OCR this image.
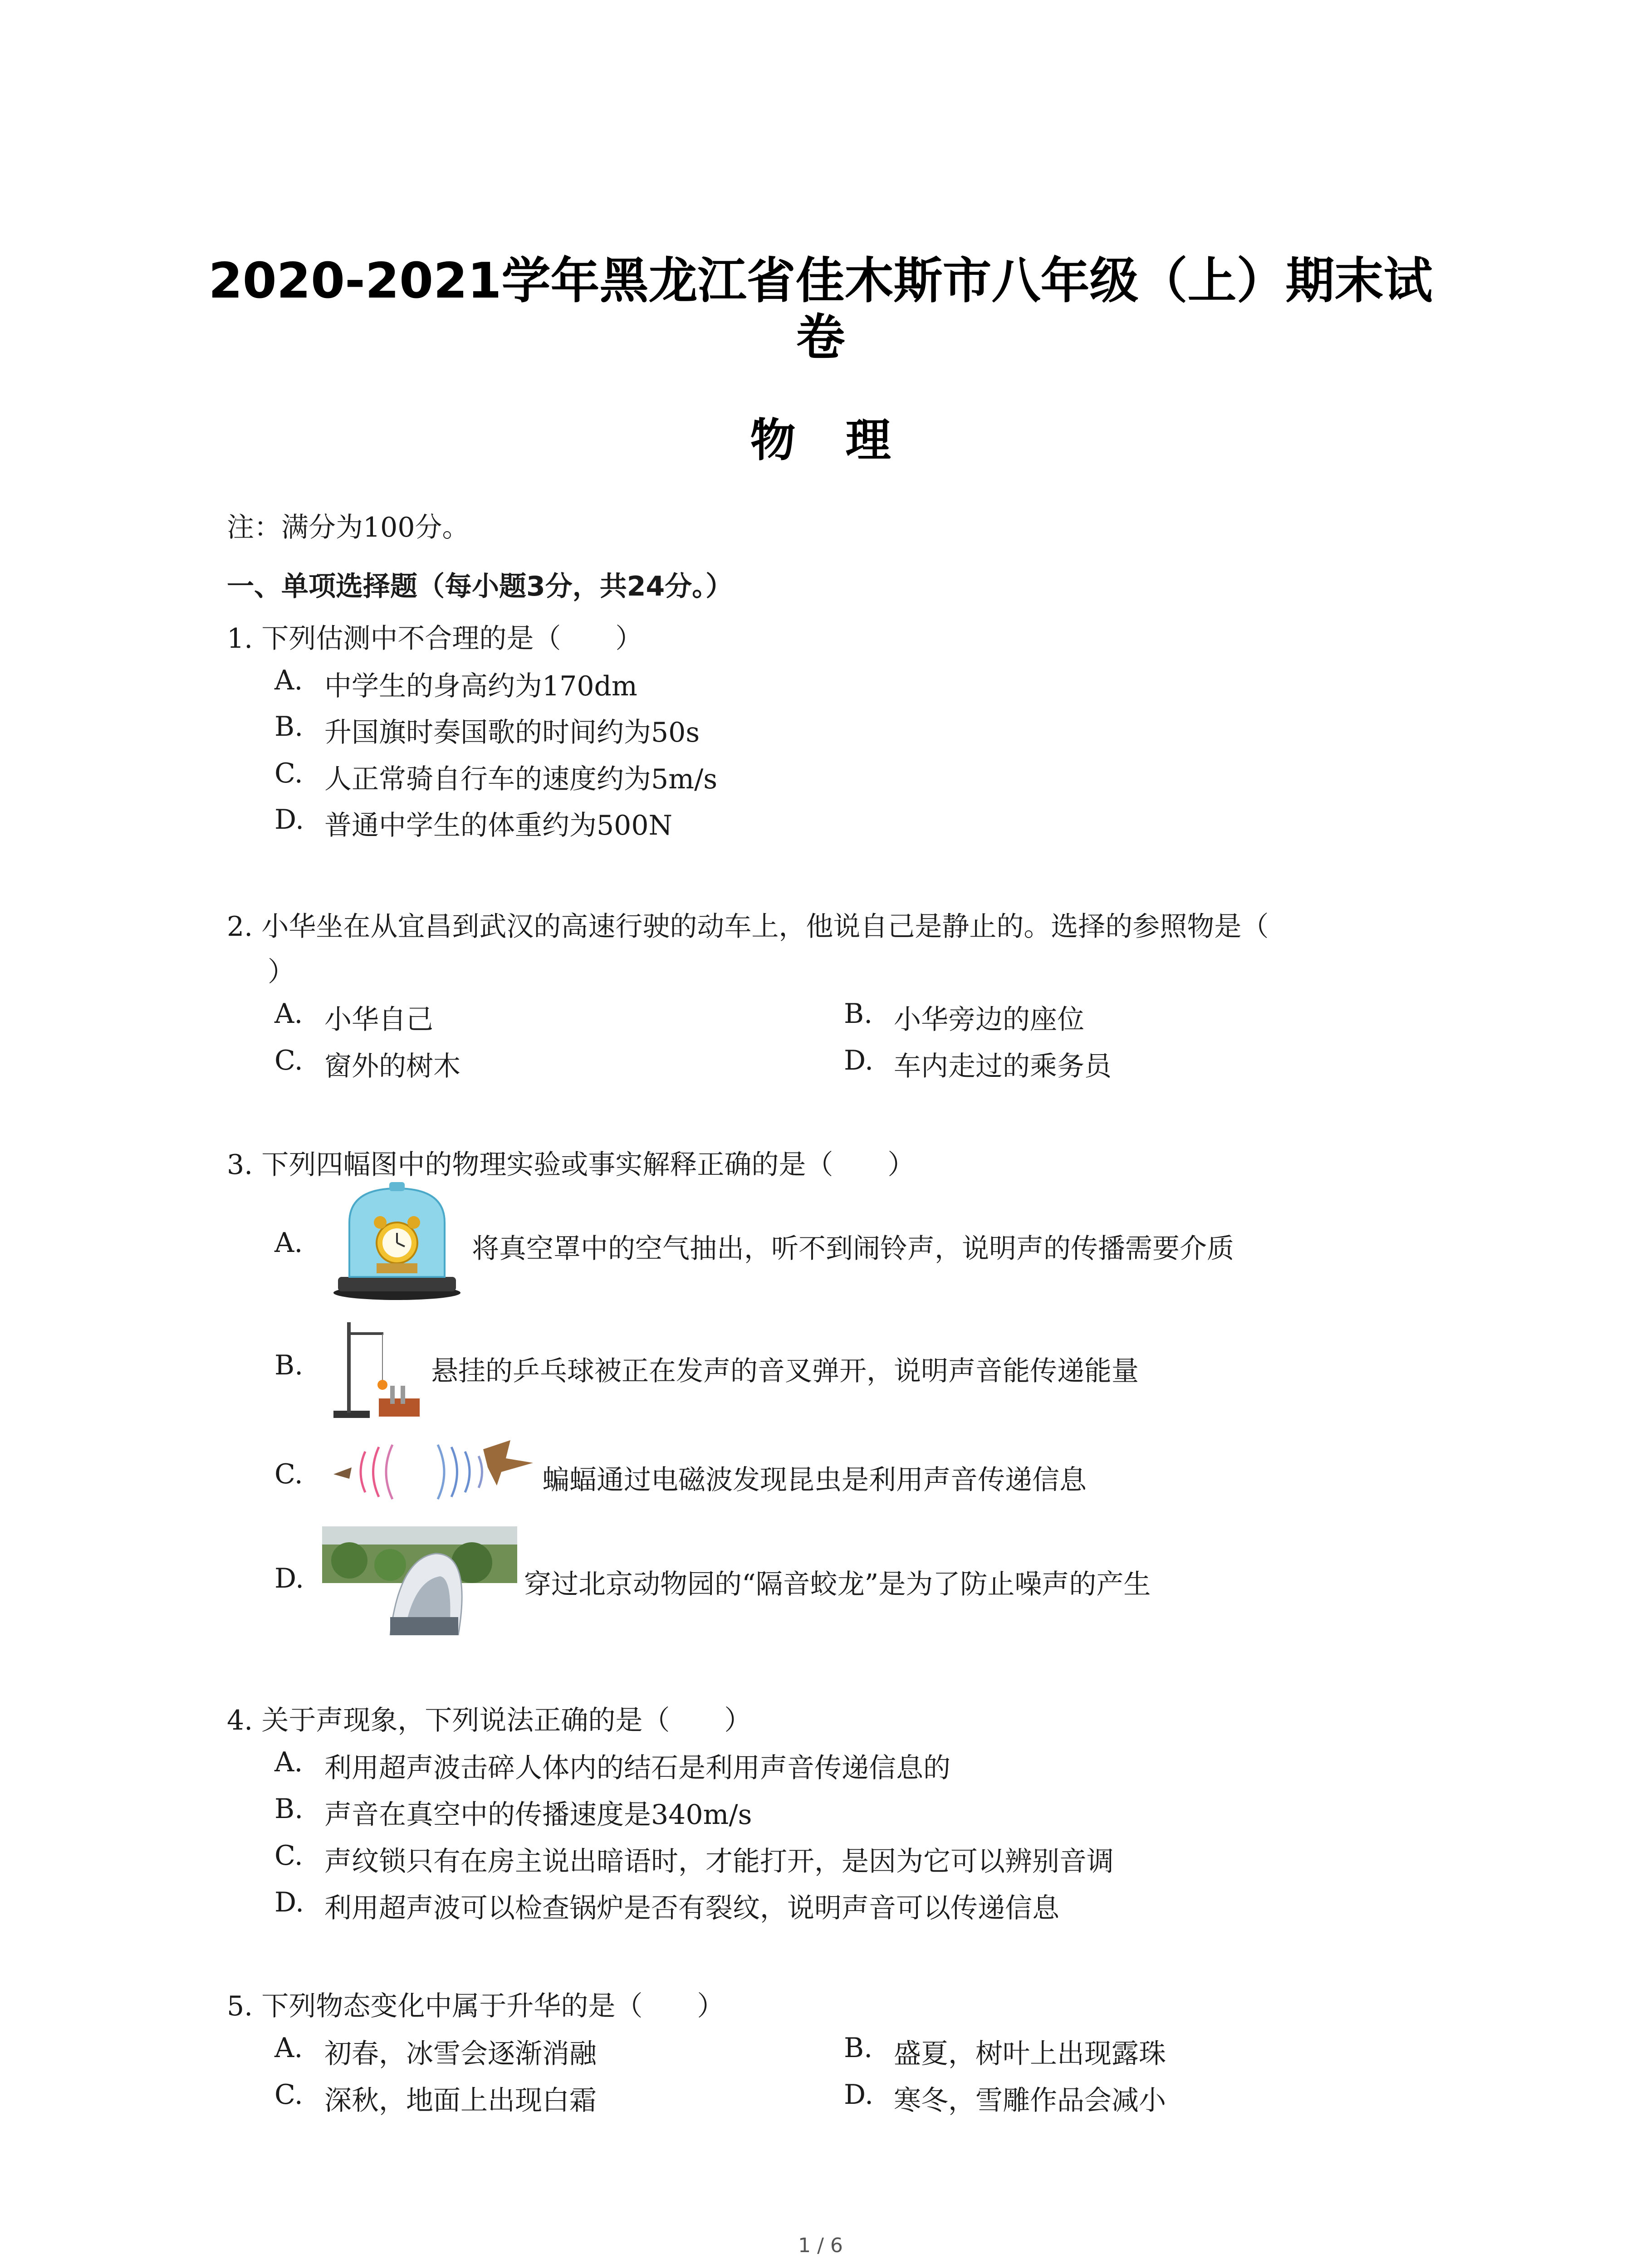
2020-2021学年黑龙江省佳木斯市八年级（上）期末试
卷
物理
注：满分为100分。
一、单项选择题（每小题3分，共24分。）
1. 下列估测中不合理的是（　　）
A. 中学生的身高约为170dm
B. 升国旗时奏国歌的时间约为50s
C. 人正常骑自行车的速度约为5m/s
D. 普通中学生的体重约为500N
2. 小华坐在从宜昌到武汉的高速行驶的动车上，他说自己是静止的。选择的参照物是（
）
A. 小华自己	B. 小华旁边的座位
C. 窗外的树木	D. 车内走过的乘务员
3. 下列四幅图中的物理实验或事实解释正确的是（　　）
A.	将真空罩中的空气抽出，听不到闹铃声，说明声的传播需要介质
B.	悬挂的乒乓球被正在发声的音叉弹开，说明声音能传递能量
C.	蝙蝠通过电磁波发现昆虫是利用声音传递信息
D.	穿过北京动物园的“隔音蛟龙”是为了防止噪声的产生
4. 关于声现象，下列说法正确的是（　　）
A. 利用超声波击碎人体内的结石是利用声音传递信息的
B. 声音在真空中的传播速度是340m/s
C. 声纹锁只有在房主说出暗语时，才能打开，是因为它可以辨别音调
D. 利用超声波可以检查锅炉是否有裂纹，说明声音可以传递信息
5. 下列物态变化中属于升华的是（　　）
A. 初春，冰雪会逐渐消融	B. 盛夏，树叶上出现露珠
C. 深秋，地面上出现白霜	D. 寒冬，雪雕作品会减小
1 / 6
